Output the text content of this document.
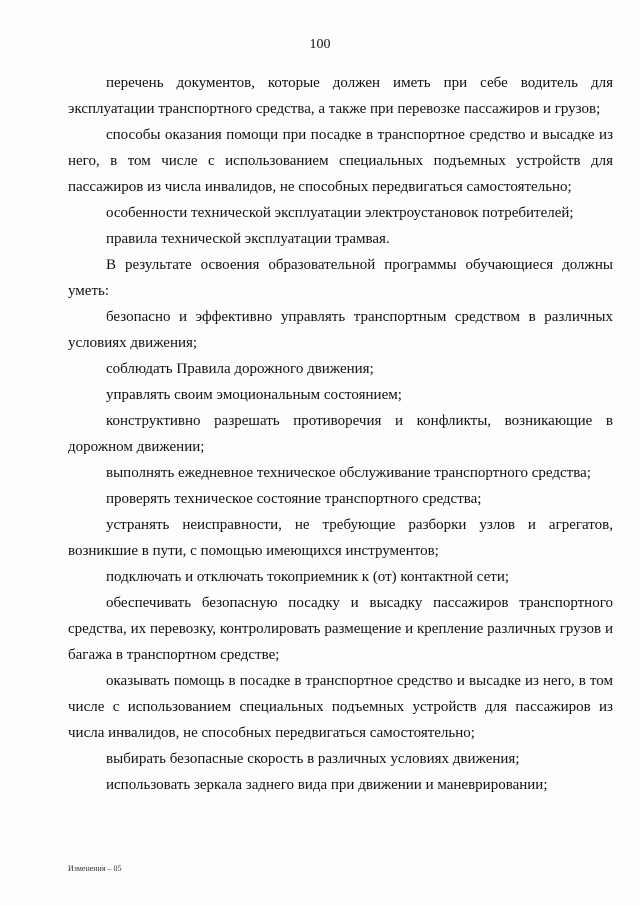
100

перечень документов, которые должен иметь при себе водитель для эксплуатации транспортного средства, а также при перевозке пассажиров и грузов;

способы оказания помощи при посадке в транспортное средство и высадке из него, в том числе с использованием специальных подъемных устройств для пассажиров из числа инвалидов, не способных передвигаться самостоятельно;

особенности технической эксплуатации электроустановок потребителей;

правила технической эксплуатации трамвая.

В результате освоения образовательной программы обучающиеся должны уметь:

безопасно и эффективно управлять транспортным средством в различных условиях движения;

соблюдать Правила дорожного движения;

управлять своим эмоциональным состоянием;

конструктивно разрешать противоречия и конфликты, возникающие в дорожном движении;

выполнять ежедневное техническое обслуживание транспортного средства;

проверять техническое состояние транспортного средства;

устранять неисправности, не требующие разборки узлов и агрегатов, возникшие в пути, с помощью имеющихся инструментов;

подключать и отключать токоприемник к (от) контактной сети;

обеспечивать безопасную посадку и высадку пассажиров транспортного средства, их перевозку, контролировать размещение и крепление различных грузов и багажа в транспортном средстве;

оказывать помощь в посадке в транспортное средство и высадке из него, в том числе с использованием специальных подъемных устройств для пассажиров из числа инвалидов, не способных передвигаться самостоятельно;

выбирать безопасные скорость в различных условиях движения;

использовать зеркала заднего вида при движении и маневрировании;

Изменения – 05
